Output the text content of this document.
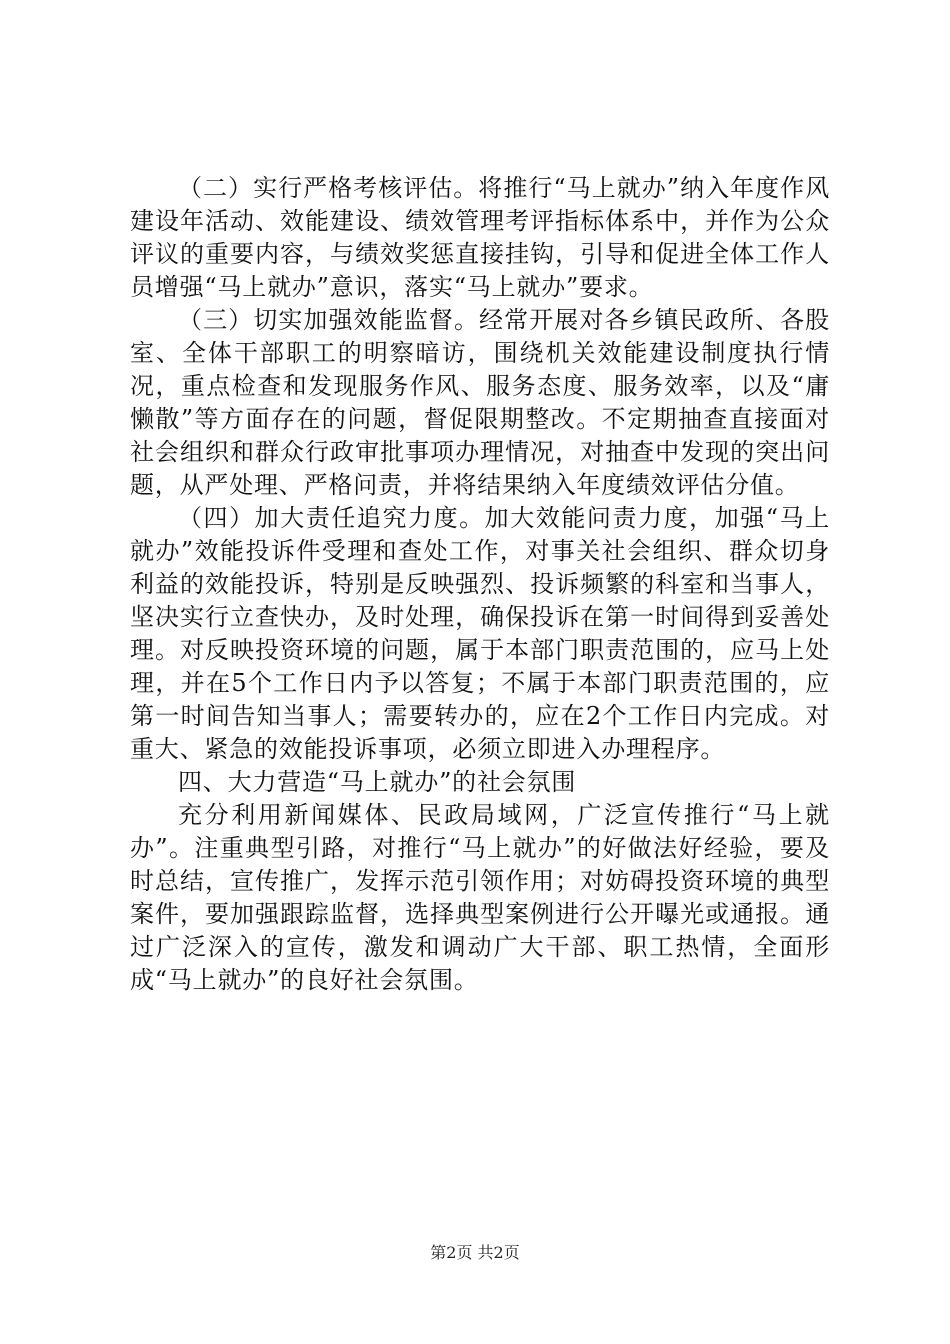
（二）实行严格考核评估。将推行“马上就办”纳入年度作风建设年活动、效能建设、绩效管理考评指标体系中，并作为公众评议的重要内容，与绩效奖惩直接挂钩，引导和促进全体工作人员增强“马上就办”意识，落实“马上就办”要求。

（三）切实加强效能监督。经常开展对各乡镇民政所、各股室、全体干部职工的明察暗访，围绕机关效能建设制度执行情况，重点检查和发现服务作风、服务态度、服务效率，以及“庸懒散”等方面存在的问题，督促限期整改。不定期抽查直接面对社会组织和群众行政审批事项办理情况，对抽查中发现的突出问题，从严处理、严格问责，并将结果纳入年度绩效评估分值。

（四）加大责任追究力度。加大效能问责力度，加强“马上就办”效能投诉件受理和查处工作，对事关社会组织、群众切身利益的效能投诉，特别是反映强烈、投诉频繁的科室和当事人，坚决实行立查快办，及时处理，确保投诉在第一时间得到妥善处理。对反映投资环境的问题，属于本部门职责范围的，应马上处理，并在5个工作日内予以答复；不属于本部门职责范围的，应第一时间告知当事人；需要转办的，应在2个工作日内完成。对重大、紧急的效能投诉事项，必须立即进入办理程序。

四、大力营造“马上就办”的社会氛围

充分利用新闻媒体、民政局域网，广泛宣传推行“马上就办”。注重典型引路，对推行“马上就办”的好做法好经验，要及时总结，宣传推广，发挥示范引领作用；对妨碍投资环境的典型案件，要加强跟踪监督，选择典型案例进行公开曝光或通报。通过广泛深入的宣传，激发和调动广大干部、职工热情，全面形成“马上就办”的良好社会氛围。

第2页 共2页
